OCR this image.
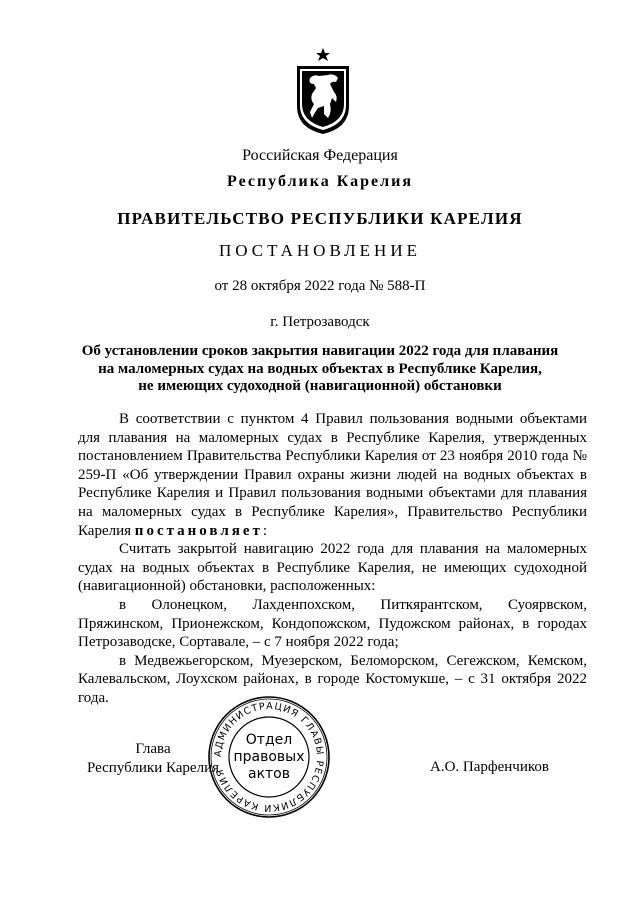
Российская Федерация
Республика Карелия
ПРАВИТЕЛЬСТВО РЕСПУБЛИКИ КАРЕЛИЯ
ПОСТАНОВЛЕНИЕ
от 28 октября 2022 года № 588-П
г. Петрозаводск
Об установлении сроков закрытия навигации 2022 года для плавания
на маломерных судах на водных объектах в Республике Карелия,
не имеющих судоходной (навигационной) обстановки

В соответствии с пунктом 4 Правил пользования водными объектами для плавания на маломерных судах в Республике Карелия, утвержденных постановлением Правительства Республики Карелия от 23 ноября 2010 года № 259-П «Об утверждении Правил охраны жизни людей на водных объектах в Республике Карелия и Правил пользования водными объектами для плавания на маломерных судах в Республике Карелия», Правительство Республики Карелия постановляет:

Считать закрытой навигацию 2022 года для плавания на маломерных судах на водных объектах в Республике Карелия, не имеющих судоходной (навигационной) обстановки, расположенных:

в Олонецком, Лахденпохском, Питкярантском, Суоярвском, Пряжинском, Прионежском, Кондопожском, Пудожском районах, в городах Петрозаводске, Сортавале, – с 7 ноября 2022 года;

в Медвежьегорском, Муезерском, Беломорском, Сегежском, Кемском, Калевальском, Лоухском районах, в городе Костомукше, – с 31 октября 2022 года.

Глава
Республики Карелия	А.О. Парфенчиков
АДМИНИСТРАЦИЯ ГЛАВЫ РЕСПУБЛИКИ КАРЕЛИЯ
Отдел
правовых
актов
